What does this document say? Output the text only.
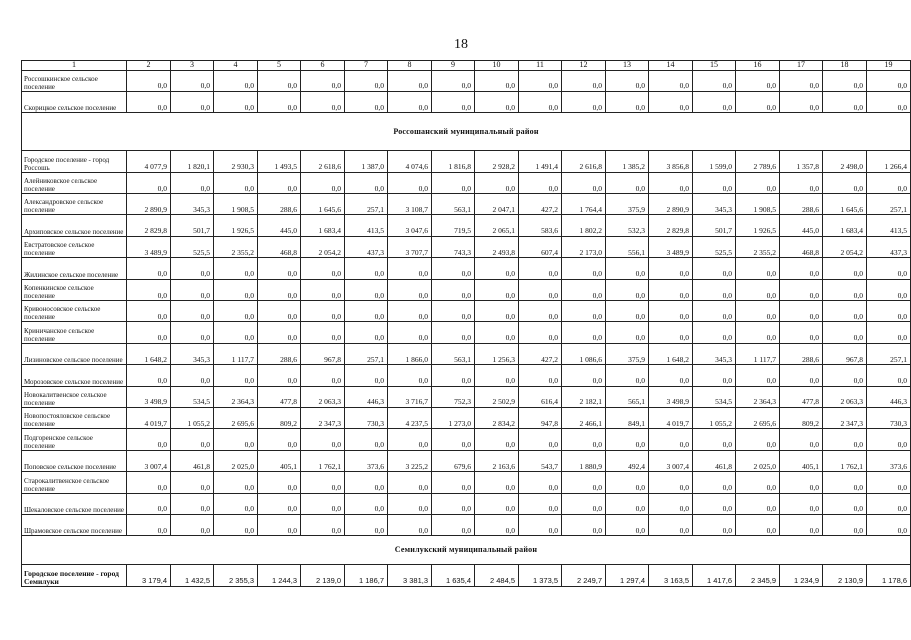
18
1	2	3	4	5	6	7	8	9	10	11	12	13	14	15	16	17	18	19
Россошкинское сельское поселение	0,0	0,0	0,0	0,0	0,0	0,0	0,0	0,0	0,0	0,0	0,0	0,0	0,0	0,0	0,0	0,0	0,0	0,0
Скорицкое сельское поселение	0,0	0,0	0,0	0,0	0,0	0,0	0,0	0,0	0,0	0,0	0,0	0,0	0,0	0,0	0,0	0,0	0,0	0,0
Россошанский муниципальный район																		
Городское поселение - город Россошь	4 077,9	1 820,1	2 930,3	1 493,5	2 618,6	1 387,0	4 074,6	1 816,8	2 928,2	1 491,4	2 616,8	1 385,2	3 856,8	1 599,0	2 789,6	1 357,8	2 498,0	1 266,4
Алейниковское сельское поселение	0,0	0,0	0,0	0,0	0,0	0,0	0,0	0,0	0,0	0,0	0,0	0,0	0,0	0,0	0,0	0,0	0,0	0,0
Александровское сельское поселение	2 890,9	345,3	1 908,5	288,6	1 645,6	257,1	3 108,7	563,1	2 047,1	427,2	1 764,4	375,9	2 890,9	345,3	1 908,5	288,6	1 645,6	257,1
Архиповское сельское поселение	2 829,8	501,7	1 926,5	445,0	1 683,4	413,5	3 047,6	719,5	2 065,1	583,6	1 802,2	532,3	2 829,8	501,7	1 926,5	445,0	1 683,4	413,5
Евстратовское сельское поселение	3 489,9	525,5	2 355,2	468,8	2 054,2	437,3	3 707,7	743,3	2 493,8	607,4	2 173,0	556,1	3 489,9	525,5	2 355,2	468,8	2 054,2	437,3
Жилинское сельское поселение	0,0	0,0	0,0	0,0	0,0	0,0	0,0	0,0	0,0	0,0	0,0	0,0	0,0	0,0	0,0	0,0	0,0	0,0
Копенкинское сельское поселение	0,0	0,0	0,0	0,0	0,0	0,0	0,0	0,0	0,0	0,0	0,0	0,0	0,0	0,0	0,0	0,0	0,0	0,0
Кривоносовское сельское поселение	0,0	0,0	0,0	0,0	0,0	0,0	0,0	0,0	0,0	0,0	0,0	0,0	0,0	0,0	0,0	0,0	0,0	0,0
Криничанское сельское поселение	0,0	0,0	0,0	0,0	0,0	0,0	0,0	0,0	0,0	0,0	0,0	0,0	0,0	0,0	0,0	0,0	0,0	0,0
Лизиновское сельское поселение	1 648,2	345,3	1 117,7	288,6	967,8	257,1	1 866,0	563,1	1 256,3	427,2	1 086,6	375,9	1 648,2	345,3	1 117,7	288,6	967,8	257,1
Морозовское сельское поселение	0,0	0,0	0,0	0,0	0,0	0,0	0,0	0,0	0,0	0,0	0,0	0,0	0,0	0,0	0,0	0,0	0,0	0,0
Новокалитвенское сельское поселение	3 498,9	534,5	2 364,3	477,8	2 063,3	446,3	3 716,7	752,3	2 502,9	616,4	2 182,1	565,1	3 498,9	534,5	2 364,3	477,8	2 063,3	446,3
Новопостояловское сельское поселение	4 019,7	1 055,2	2 695,6	809,2	2 347,3	730,3	4 237,5	1 273,0	2 834,2	947,8	2 466,1	849,1	4 019,7	1 055,2	2 695,6	809,2	2 347,3	730,3
Подгоренское сельское поселение	0,0	0,0	0,0	0,0	0,0	0,0	0,0	0,0	0,0	0,0	0,0	0,0	0,0	0,0	0,0	0,0	0,0	0,0
Поповское сельское поселение	3 007,4	461,8	2 025,0	405,1	1 762,1	373,6	3 225,2	679,6	2 163,6	543,7	1 880,9	492,4	3 007,4	461,8	2 025,0	405,1	1 762,1	373,6
Старокалитвенское сельское поселение	0,0	0,0	0,0	0,0	0,0	0,0	0,0	0,0	0,0	0,0	0,0	0,0	0,0	0,0	0,0	0,0	0,0	0,0
Шекаловское сельское поселение	0,0	0,0	0,0	0,0	0,0	0,0	0,0	0,0	0,0	0,0	0,0	0,0	0,0	0,0	0,0	0,0	0,0	0,0
Шрамовское сельское поселение	0,0	0,0	0,0	0,0	0,0	0,0	0,0	0,0	0,0	0,0	0,0	0,0	0,0	0,0	0,0	0,0	0,0	0,0
Семилукский муниципальный район																		
Городское поселение - город Семилуки	3 179,4	1 432,5	2 355,3	1 244,3	2 139,0	1 186,7	3 381,3	1 635,4	2 484,5	1 373,5	2 249,7	1 297,4	3 163,5	1 417,6	2 345,9	1 234,9	2 130,9	1 178,6
